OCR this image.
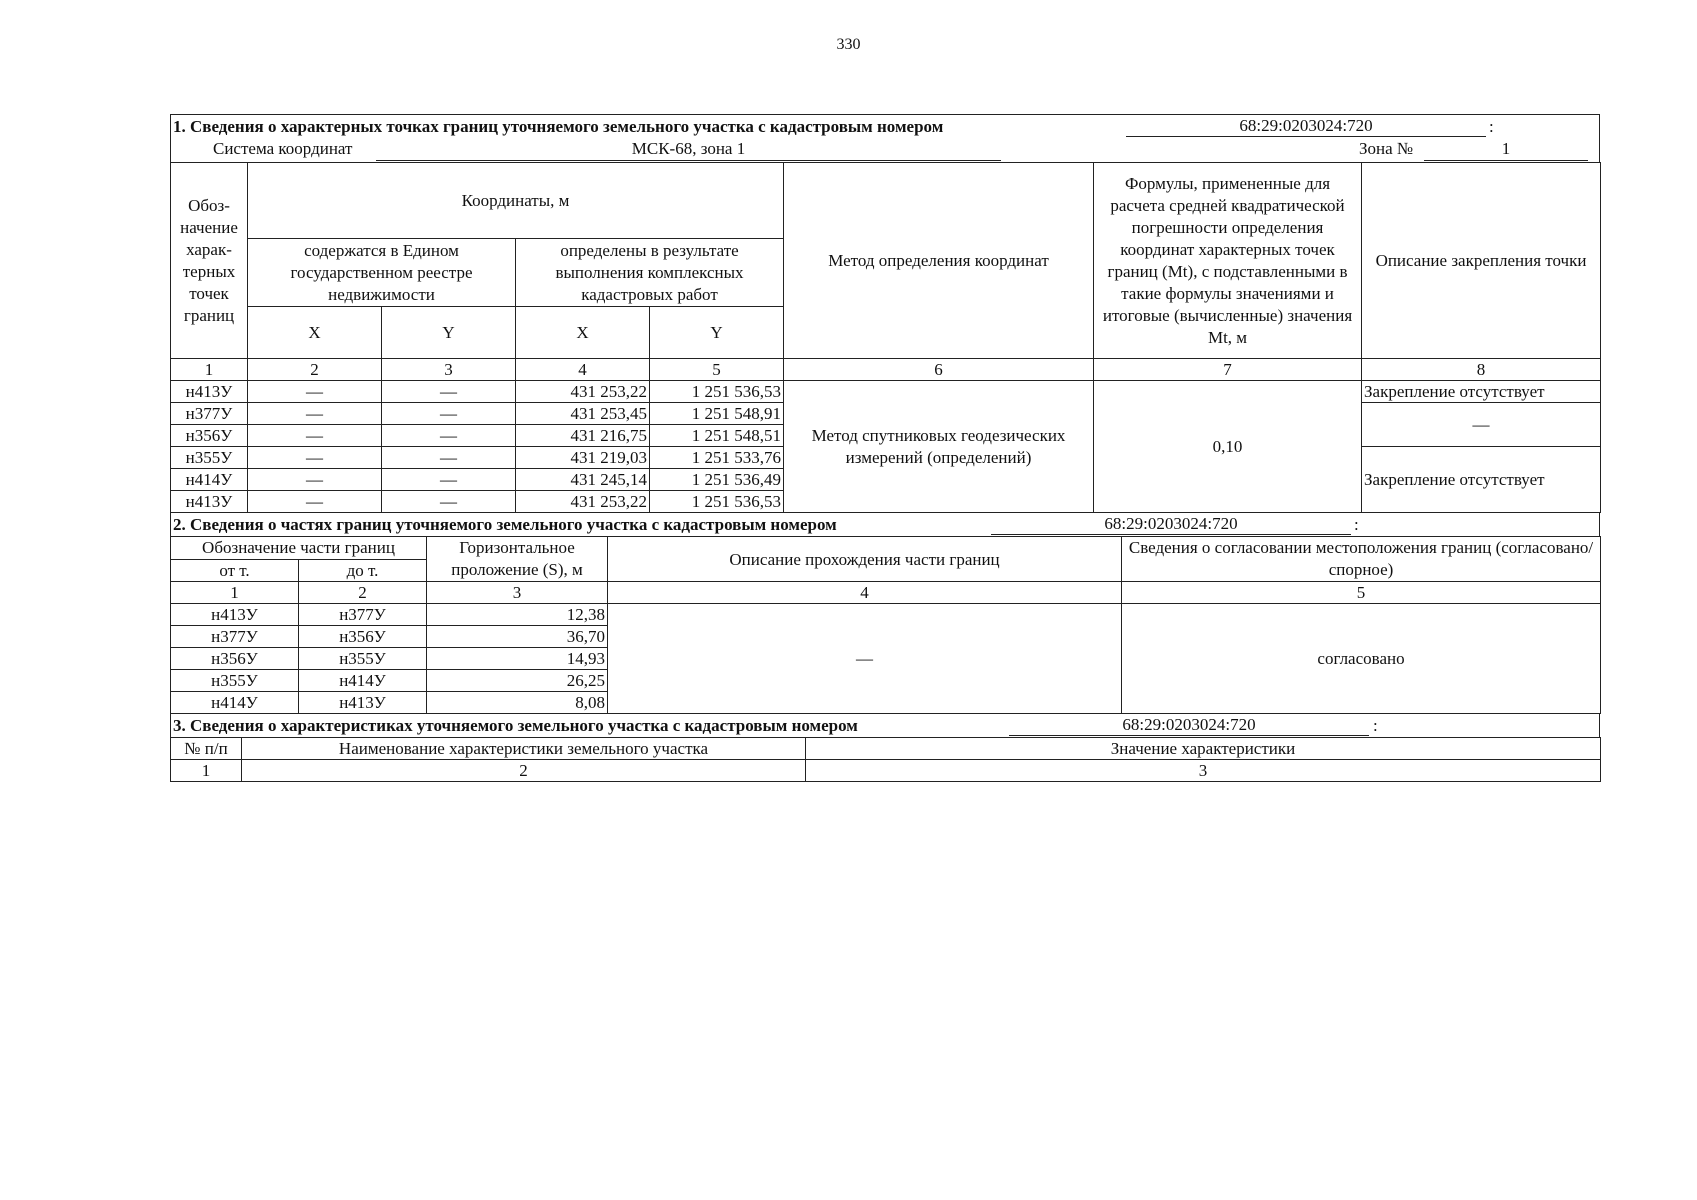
330
1. Сведения о характерных точках границ уточняемого земельного участка с кадастровым номером	68:29:0203024:720	:
Система координат	МСК-68, зона 1	Зона №	1
Обоз-начение харак-терных точек границ	Координаты, м				Метод определения координат	Формулы, примененные для расчета средней квадратической погрешности определения координат характерных точек границ (Mt), с подставленными в такие формулы значениями и итоговые (вычисленные) значения Mt, м	Описание закрепления точки
	содержатся в Едином государственном реестре недвижимости		определены в результате выполнения комплексных кадастровых работ				
	X	Y	X	Y			
1	2	3	4	5	6	7	8
н413У	—	—	431 253,22	1 251 536,53	Метод спутниковых геодезических измерений (определений)	0,10	Закрепление отсутствует
н377У	—	—	431 253,45	1 251 548,91			—
н356У	—	—	431 216,75	1 251 548,51			
н355У	—	—	431 219,03	1 251 533,76			Закрепление отсутствует
н414У	—	—	431 245,14	1 251 536,49			
н413У	—	—	431 253,22	1 251 536,53			
2. Сведения о частях границ уточняемого земельного участка с кадастровым номером	68:29:0203024:720	:
Обозначение части границ		Горизонтальное проложение (S), м	Описание прохождения части границ	Сведения о согласовании местоположения границ (согласовано/спорное)
от т.	до т.			
1	2	3	4	5
н413У	н377У	12,38	—	согласовано
н377У	н356У	36,70		
н356У	н355У	14,93		
н355У	н414У	26,25		
н414У	н413У	8,08		
3. Сведения о характеристиках уточняемого земельного участка с кадастровым номером	68:29:0203024:720	:
№ п/п	Наименование характеристики земельного участка	Значение характеристики
1	2	3
